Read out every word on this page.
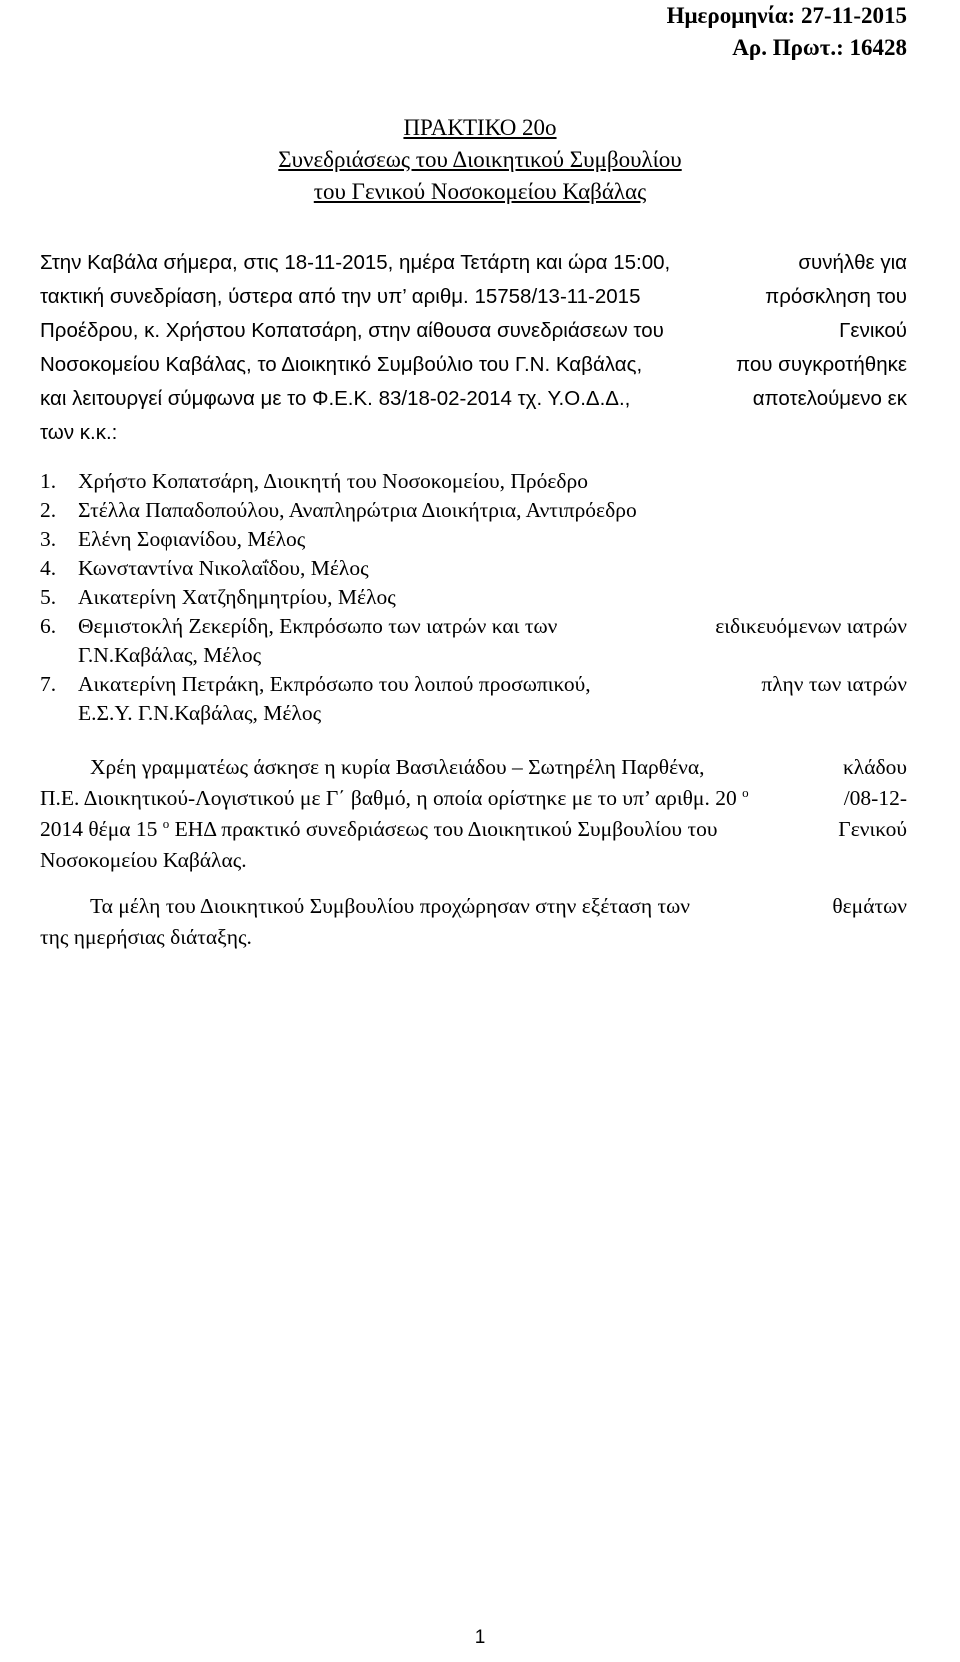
Ημερομηνία: 27-11-2015
Αρ. Πρωτ.: 16428
ΠΡΑΚΤΙΚΟ 20ο
Συνεδριάσεως του Διοικητικού Συμβουλίου
του Γενικού Νοσοκομείου Καβάλας
Στην Καβάλα σήμερα, στις 18-11-2015, ημέρα Τετάρτη και ώρα 15:00,	συνήλθε για
τακτική συνεδρίαση, ύστερα από την υπ’ αριθμ. 15758/13-11-2015	πρόσκληση του
Προέδρου, κ. Χρήστου Κοπατσάρη, στην αίθουσα συνεδριάσεων του	Γενικού
Νοσοκομείου Καβάλας, το Διοικητικό Συμβούλιο του Γ.Ν. Καβάλας,	που συγκροτήθηκε
και λειτουργεί σύμφωνα με το Φ.Ε.Κ. 83/18-02-2014 τχ. Υ.Ο.Δ.Δ.,	αποτελούμενο εκ
των κ.κ.:
1. Χρήστο Κοπατσάρη, Διοικητή του Νοσοκομείου, Πρόεδρο
2. Στέλλα Παπαδοπούλου, Αναπληρώτρια Διοικήτρια, Αντιπρόεδρο
3. Ελένη Σοφιανίδου, Μέλος
4. Κωνσταντίνα Νικολαΐδου, Μέλος
5. Αικατερίνη Χατζηδημητρίου, Μέλος
6. Θεμιστοκλή Ζεκερίδη, Εκπρόσωπο των ιατρών και των	ειδικευόμενων ιατρών
Γ.Ν.Καβάλας, Μέλος
7. Αικατερίνη Πετράκη, Εκπρόσωπο του λοιπού προσωπικού,	πλην των ιατρών
Ε.Σ.Υ. Γ.Ν.Καβάλας, Μέλος
Χρέη γραμματέως άσκησε η κυρία Βασιλειάδου – Σωτηρέλη Παρθένα,	κλάδου
Π.Ε. Διοικητικού-Λογιστικού με Γ΄ βαθμό, η οποία ορίστηκε με το υπ’ αριθμ. 20 $^o$	/08-12-
2014 θέμα 15 $^o$ ΕΗΔ πρακτικό συνεδριάσεως του Διοικητικού Συμβουλίου του	Γενικού
Νοσοκομείου Καβάλας.
Τα μέλη του Διοικητικού Συμβουλίου προχώρησαν στην εξέταση των	θεμάτων
της ημερήσιας διάταξης.
1
